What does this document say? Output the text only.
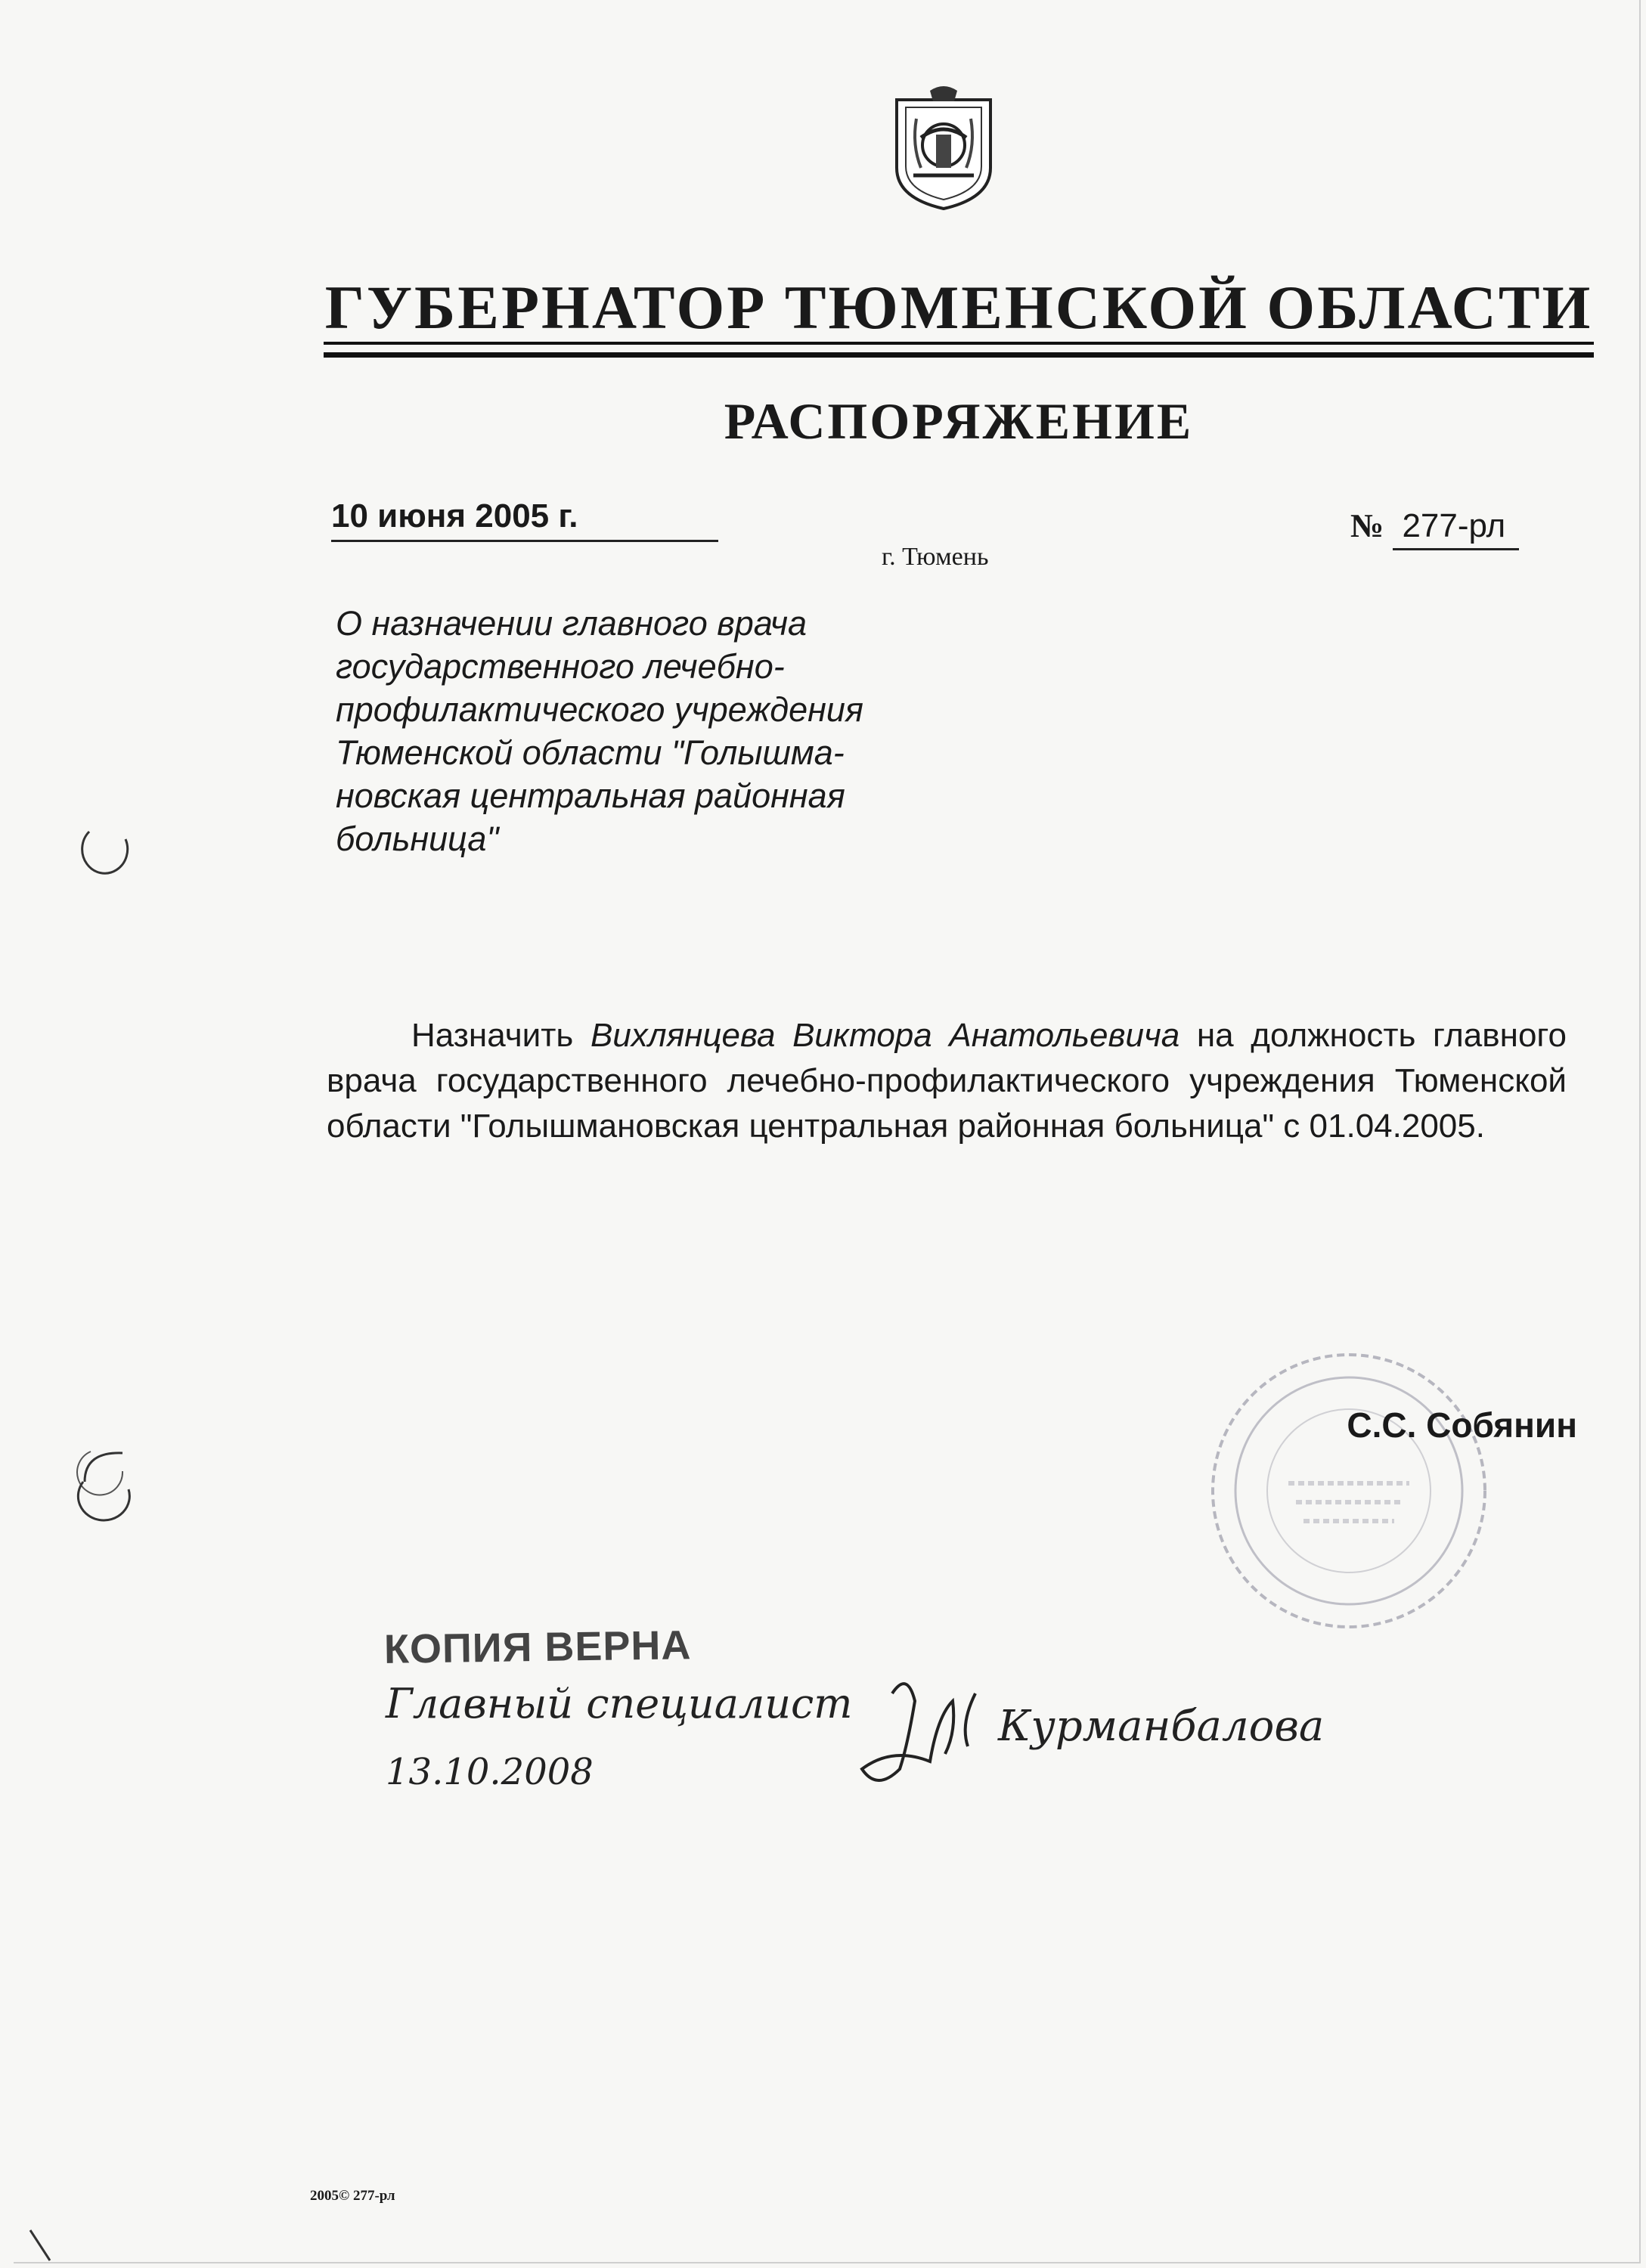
ГУБЕРНАТОР ТЮМЕНСКОЙ ОБЛАСТИ
РАСПОРЯЖЕНИЕ
10 июня 2005 г.
г. Тюмень
№ 277-рл
О назначении главного врача
государственного лечебно-
профилактического учреждения
Тюменской области "Голышма-
новская центральная районная
больница"
Назначить Вихлянцева Виктора Анатольевича на должность главного врача государственного лечебно-профилактического учреждения Тюменской области "Голышмановская центральная районная больница" с 01.04.2005.
С.С. Собянин
КОПИЯ ВЕРНА
Главный специалист
13.10.2008
Курманбалова
2005© 277-рл
